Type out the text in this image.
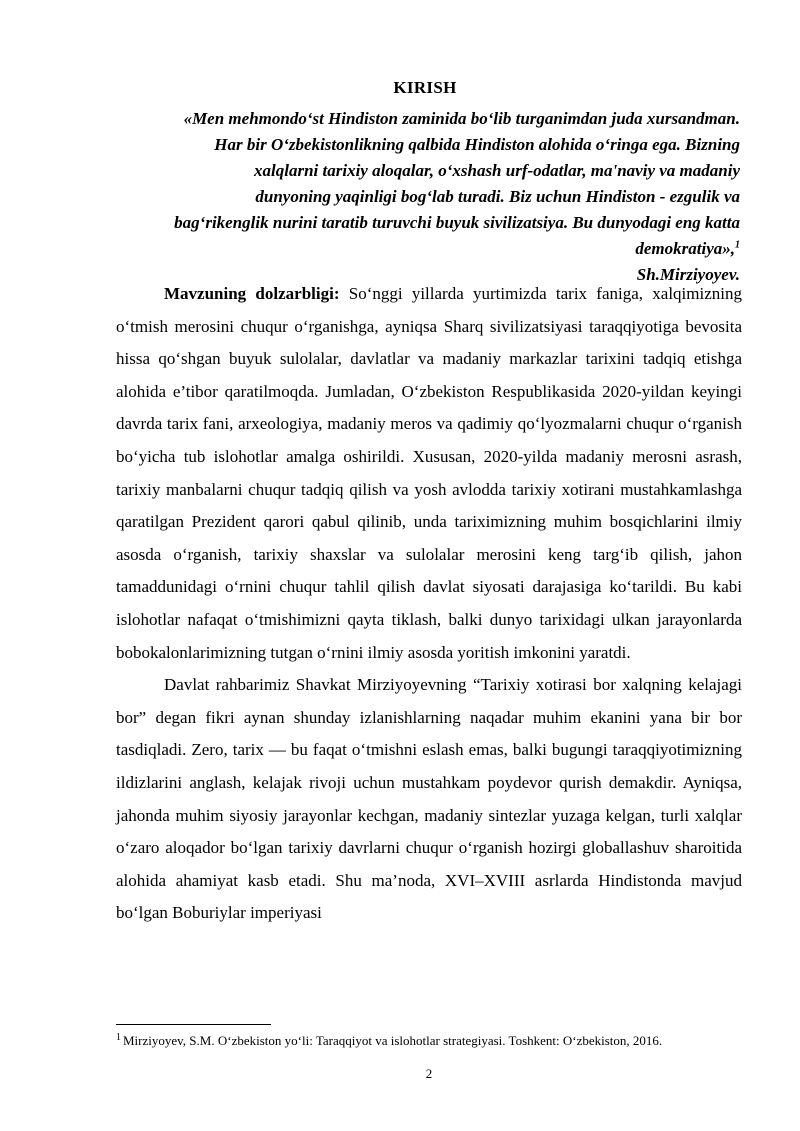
KIRISH
«Men mehmondo‘st Hindiston zaminida bo‘lib turganimdan juda xursandman.
Har bir O‘zbekistonlikning qalbida Hindiston alohida o‘ringa ega. Bizning
xalqlarni tarixiy aloqalar, o‘xshash urf-odatlar, ma'naviy va madaniy
dunyoning yaqinligi bog‘lab turadi. Biz uchun Hindiston - ezgulik va
bag‘rikenglik nurini taratib turuvchi buyuk sivilizatsiya. Bu dunyodagi eng katta
demokratiya»,$^1$
Sh.Mirziyoyev.

Mavzuning dolzarbligi: So‘nggi yillarda yurtimizda tarix faniga, xalqimizning o‘tmish merosini chuqur o‘rganishga, ayniqsa Sharq sivilizatsiyasi taraqqiyotiga bevosita hissa qo‘shgan buyuk sulolalar, davlatlar va madaniy markazlar tarixini tadqiq etishga alohida e’tibor qaratilmoqda. Jumladan, O‘zbekiston Respublikasida 2020-yildan keyingi davrda tarix fani, arxeologiya, madaniy meros va qadimiy qo‘lyozmalarni chuqur o‘rganish bo‘yicha tub islohotlar amalga oshirildi. Xususan, 2020-yilda madaniy merosni asrash, tarixiy manbalarni chuqur tadqiq qilish va yosh avlodda tarixiy xotirani mustahkamlashga qaratilgan Prezident qarori qabul qilinib, unda tariximizning muhim bosqichlarini ilmiy asosda o‘rganish, tarixiy shaxslar va sulolalar merosini keng targ‘ib qilish, jahon tamaddunidagi o‘rnini chuqur tahlil qilish davlat siyosati darajasiga ko‘tarildi. Bu kabi islohotlar nafaqat o‘tmishimizni qayta tiklash, balki dunyo tarixidagi ulkan jarayonlarda bobokalonlarimizning tutgan o‘rnini ilmiy asosda yoritish imkonini yaratdi.

Davlat rahbarimiz Shavkat Mirziyoyevning “Tarixiy xotirasi bor xalqning kelajagi bor” degan fikri aynan shunday izlanishlarning naqadar muhim ekanini yana bir bor tasdiqladi. Zero, tarix — bu faqat o‘tmishni eslash emas, balki bugungi taraqqiyotimizning ildizlarini anglash, kelajak rivoji uchun mustahkam poydevor qurish demakdir. Ayniqsa, jahonda muhim siyosiy jarayonlar kechgan, madaniy sintezlar yuzaga kelgan, turli xalqlar o‘zaro aloqador bo‘lgan tarixiy davrlarni chuqur o‘rganish hozirgi globallashuv sharoitida alohida ahamiyat kasb etadi. Shu ma’noda, XVI–XVIII asrlarda Hindistonda mavjud bo‘lgan Boburiylar imperiyasi

$^1$ Mirziyoyev, S.M. O‘zbekiston yo‘li: Taraqqiyot va islohotlar strategiyasi. Toshkent: O‘zbekiston, 2016.
2
